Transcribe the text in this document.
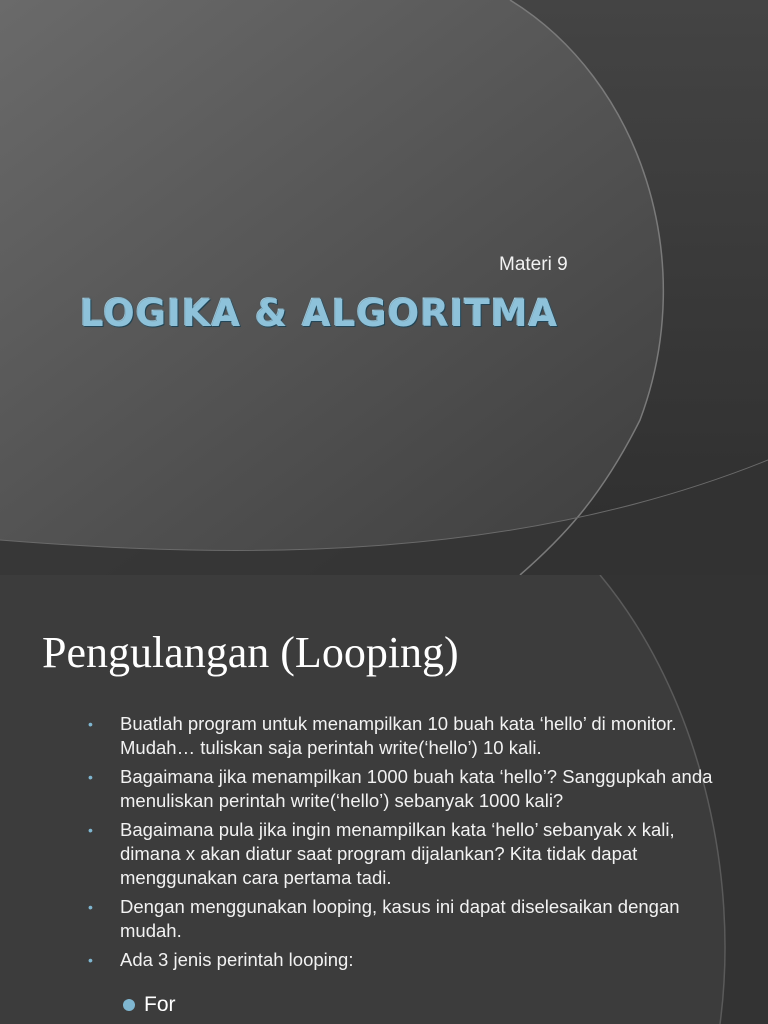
Materi 9
LOGIKA & ALGORITMA
Pengulangan (Looping)
• Buatlah program untuk menampilkan 10 buah kata ‘hello’ di monitor. Mudah… tuliskan saja perintah write(‘hello’) 10 kali.
• Bagaimana jika menampilkan 1000 buah kata ‘hello’? Sanggupkah anda menuliskan perintah write(‘hello’) sebanyak 1000 kali?
• Bagaimana pula jika ingin menampilkan kata ‘hello’ sebanyak x kali, dimana x akan diatur saat program dijalankan? Kita tidak dapat menggunakan cara pertama tadi.
• Dengan menggunakan looping, kasus ini dapat diselesaikan dengan mudah.
• Ada 3 jenis perintah looping:
For
